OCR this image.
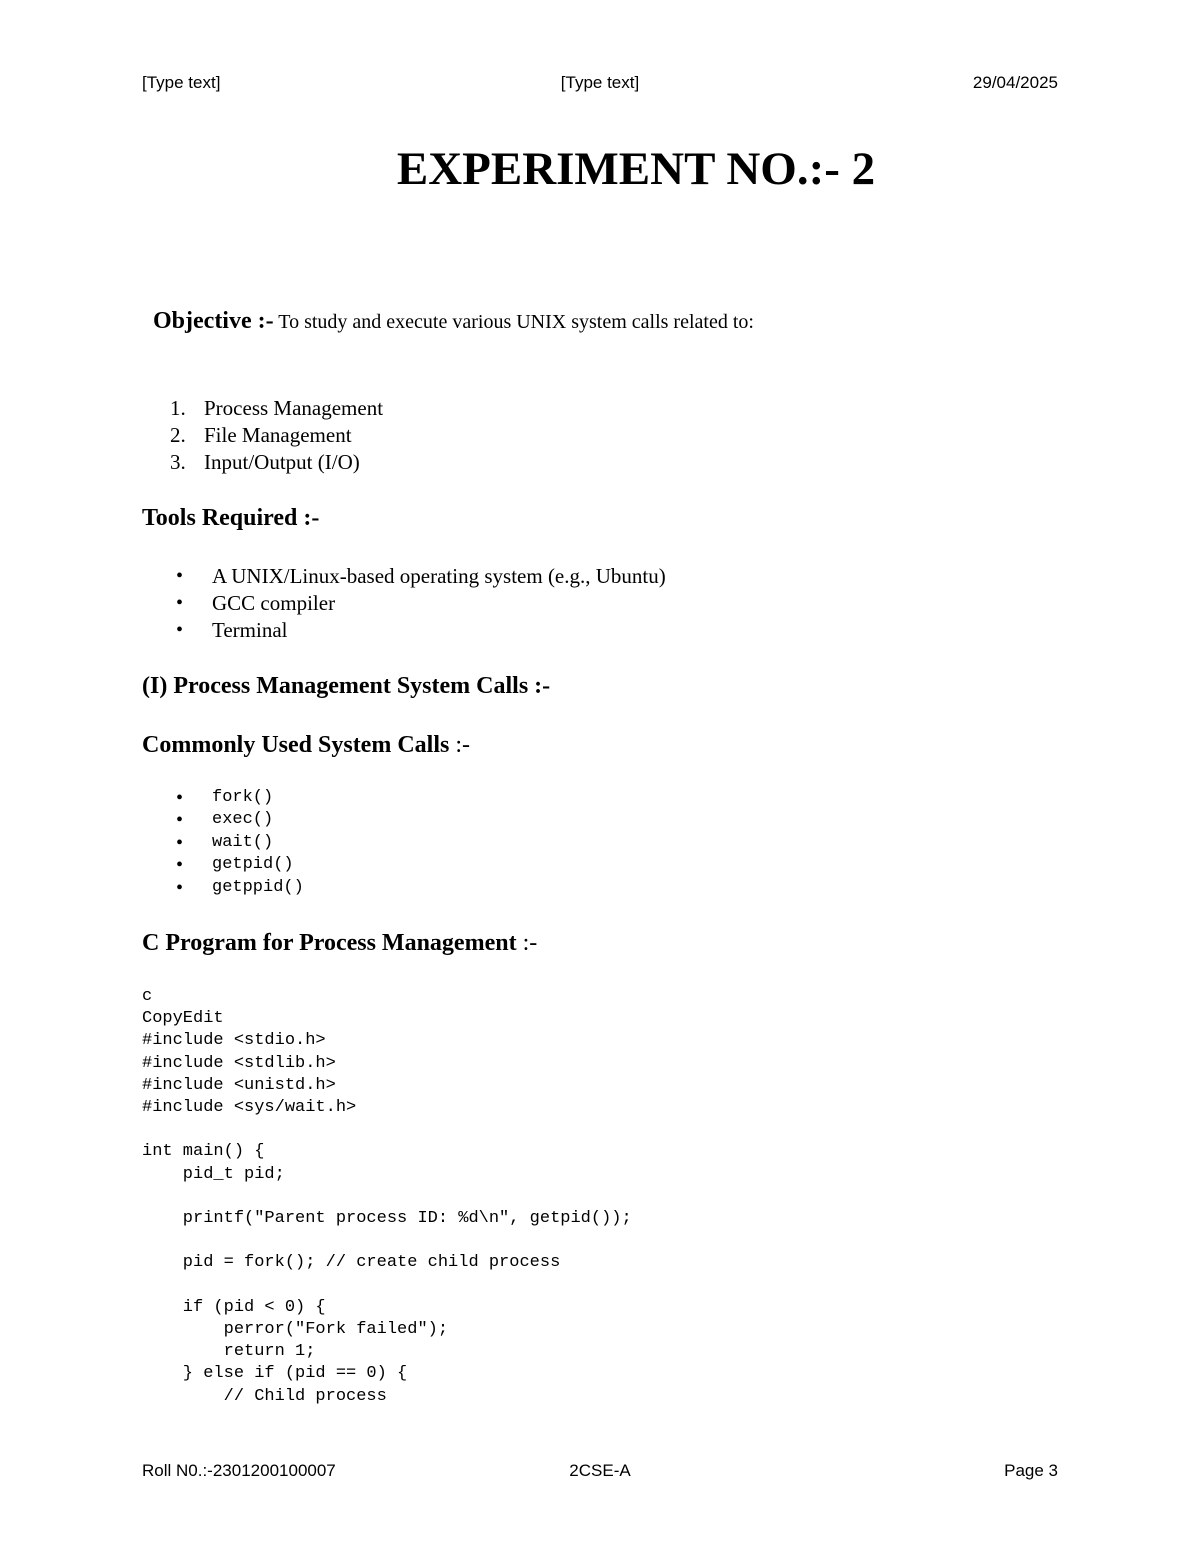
[Type text]	[Type text]	29/04/2025
EXPERIMENT NO.:- 2

Objective :- To study and execute various UNIX system calls related to:

1. Process Management
2. File Management
3. Input/Output (I/O)
Tools Required :-
• A UNIX/Linux-based operating system (e.g., Ubuntu)
• GCC compiler
• Terminal
(I) Process Management System Calls :-
Commonly Used System Calls :-
• fork()
• exec()
• wait()
• getpid()
• getppid()
C Program for Process Management :-
c
CopyEdit
#include <stdio.h>
#include <stdlib.h>
#include <unistd.h>
#include <sys/wait.h>

int main() {
pid_t pid;

printf("Parent process ID: %d\n", getpid());

pid = fork(); // create child process

if (pid < 0) {
perror("Fork failed");
return 1;
} else if (pid == 0) {
// Child process
Roll N0.:-2301200100007	2CSE-A	Page 3
